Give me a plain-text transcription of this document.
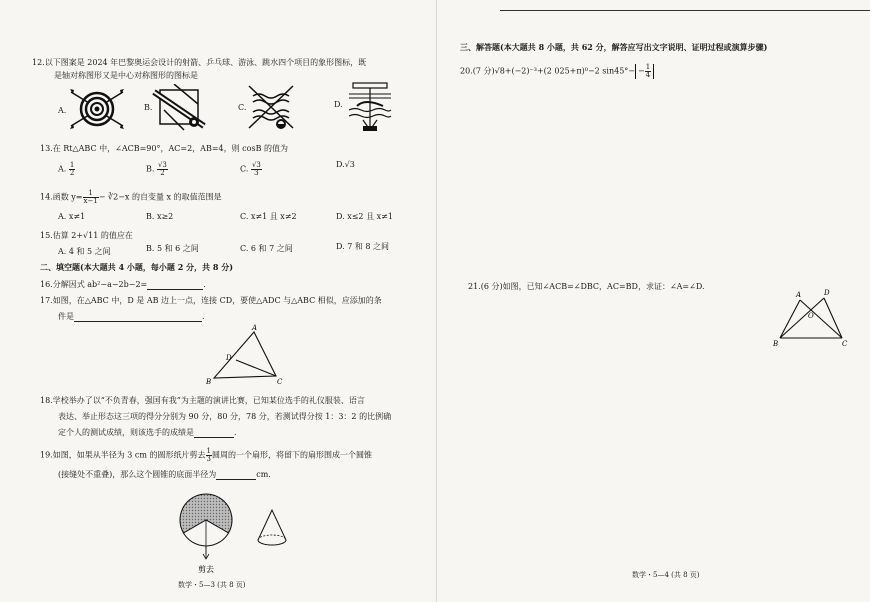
12.以下图案是 2024 年巴黎奥运会设计的射箭、乒乓球、游泳、跳水四个项目的象形图标，既
是轴对称图形又是中心对称图形的图标是
A.	B.	C.	D.
13.在 Rt△ABC 中，∠ACB=90°，AC=2，AB=4，则 cosB 的值为
A. $\frac{1}{2}$	B. $\frac{√3}{2}$	C. $\frac{√3}{3}$	D.√3
14.函数 $y= \frac{1}{x-1}$ − ∛2−x 的自变量 x 的取值范围是
A. x≠1	B. x≥2	C. x≠1 且 x≠2	D. x≤2 且 x≠1
15.估算 2+√11 的值应在
A. 4 和 5 之间	B. 5 和 6 之间	C. 6 和 7 之间	D. 7 和 8 之间
二、填空题(本大题共 4 小题，每小题 2 分，共 8 分)
16.分解因式 ab²−a−2b−2=	.
17.如图，在△ABC 中，D 是 AB 边上一点，连接 CD，要使△ADC 与△ABC 相似，应添加的条
件是	.
A
B	C
D
18.学校举办了以“不负青春，强国有我”为主题的演讲比赛，已知某位选手的礼仪服装、语言
表达、举止形态这三项的得分分别为 90 分，80 分，78 分，若测试得分按 1：3：2 的比例确
定个人的测试成绩，则该选手的成绩是	.
19.如图，如果从半径为 3 cm 的圆形纸片剪去 $\frac{1}{3}$ 圆周的一个扇形，将留下的扇形围成一个圆锥
(接缝处不重叠)，那么这个圆锥的底面半径为	cm.
剪去
数学・5—3 (共 8 页)
三、解答题(本大题共 8 小题，共 62 分，解答应写出文字说明、证明过程或演算步骤)
20.(7 分)√8+(−2)⁻³+(2 025+π)⁰−2 $\sin 45^\circ- - \frac{1}{4}$
21.(6 分)如图，已知∠ACB=∠DBC，AC=BD，求证：∠A=∠D.
A	D
O
B	C
数学・5—4 (共 8 页)
